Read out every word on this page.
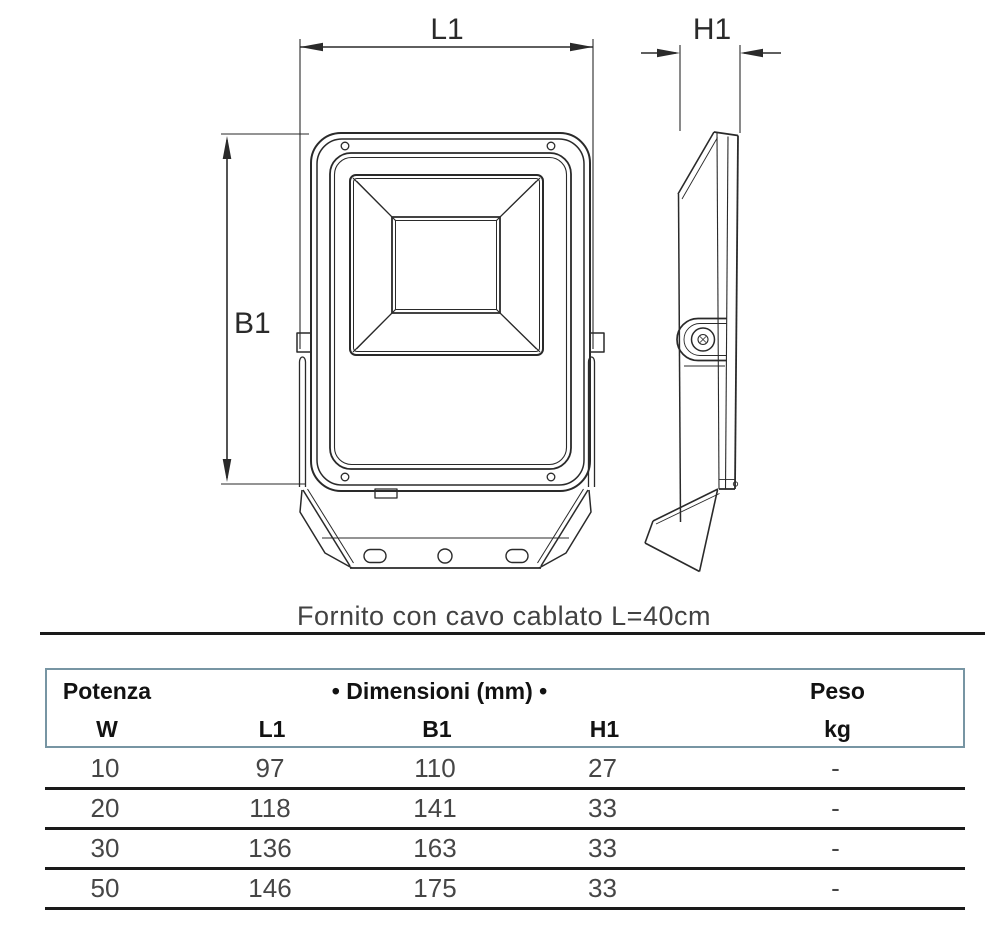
L1
B1
H1
Fornito con cavo cablato L=40cm
Potenza	• Dimensioni (mm) •	Peso
W	L1	B1	H1	kg
10	97	110	27	-
20	118	141	33	-
30	136	163	33	-
50	146	175	33	-
